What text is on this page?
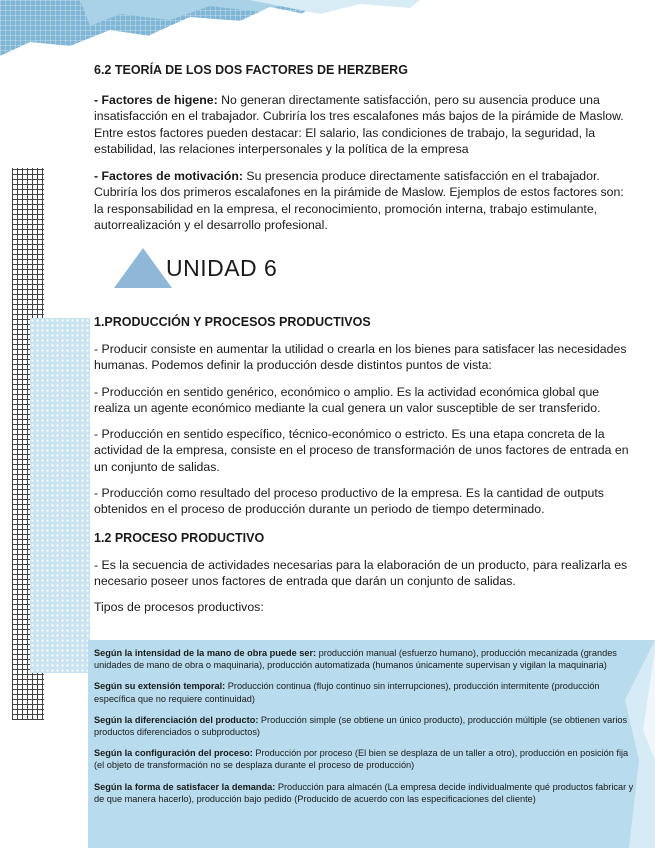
6.2 TEORÍA DE LOS DOS FACTORES DE HERZBERG

- Factores de higene: No generan directamente satisfacción, pero su ausencia produce una insatisfacción en el trabajador. Cubriría los tres escalafones más bajos de la pirámide de Maslow. Entre estos factores pueden destacar: El salario, las condiciones de trabajo, la seguridad, la estabilidad, las relaciones interpersonales y la política de la empresa

- Factores de motivación: Su presencia produce directamente satisfacción en el trabajador. Cubriría los dos primeros escalafones en la pirámide de Maslow. Ejemplos de estos factores son: la responsabilidad en la empresa, el reconocimiento, promoción interna, trabajo estimulante, autorrealización y el desarrollo profesional.

UNIDAD 6
1.PRODUCCIÓN Y PROCESOS PRODUCTIVOS

- Producir consiste en aumentar la utilidad o crearla en los bienes para satisfacer las necesidades humanas. Podemos definir la producción desde distintos puntos de vista:

- Producción en sentido genérico, económico o amplio. Es la actividad económica global que realiza un agente económico mediante la cual genera un valor susceptible de ser transferido.

- Producción en sentido específico, técnico-económico o estricto. Es una etapa concreta de la actividad de la empresa, consiste en el proceso de transformación de unos factores de entrada en un conjunto de salidas.

- Producción como resultado del proceso productivo de la empresa. Es la cantidad de outputs obtenidos en el proceso de producción durante un periodo de tiempo determinado.

1.2 PROCESO PRODUCTIVO

- Es la secuencia de actividades necesarias para la elaboración de un producto, para realizarla es necesario poseer unos factores de entrada que darán un conjunto de salidas.

Tipos de procesos productivos:

Según la intensidad de la mano de obra puede ser: producción manual (esfuerzo humano), producción mecanizada (grandes unidades de mano de obra o maquinaria), producción automatizada (humanos únicamente supervisan y vigilan la maquinaria)

Según su extensión temporal: Producción continua (flujo continuo sin interrupciones), producción intermitente (producción específica que no requiere continuidad)

Según la diferenciación del producto: Producción simple (se obtiene un único producto), producción múltiple (se obtienen varios productos diferenciados o subproductos)

Según la configuración del proceso: Producción por proceso (El bien se desplaza de un taller a otro), producción en posición fija (el objeto de transformación no se desplaza durante el proceso de producción)

Según la forma de satisfacer la demanda: Producción para almacén (La empresa decide individualmente qué productos fabricar y de que manera hacerlo), producción bajo pedido (Producido de acuerdo con las especificaciones del cliente)
